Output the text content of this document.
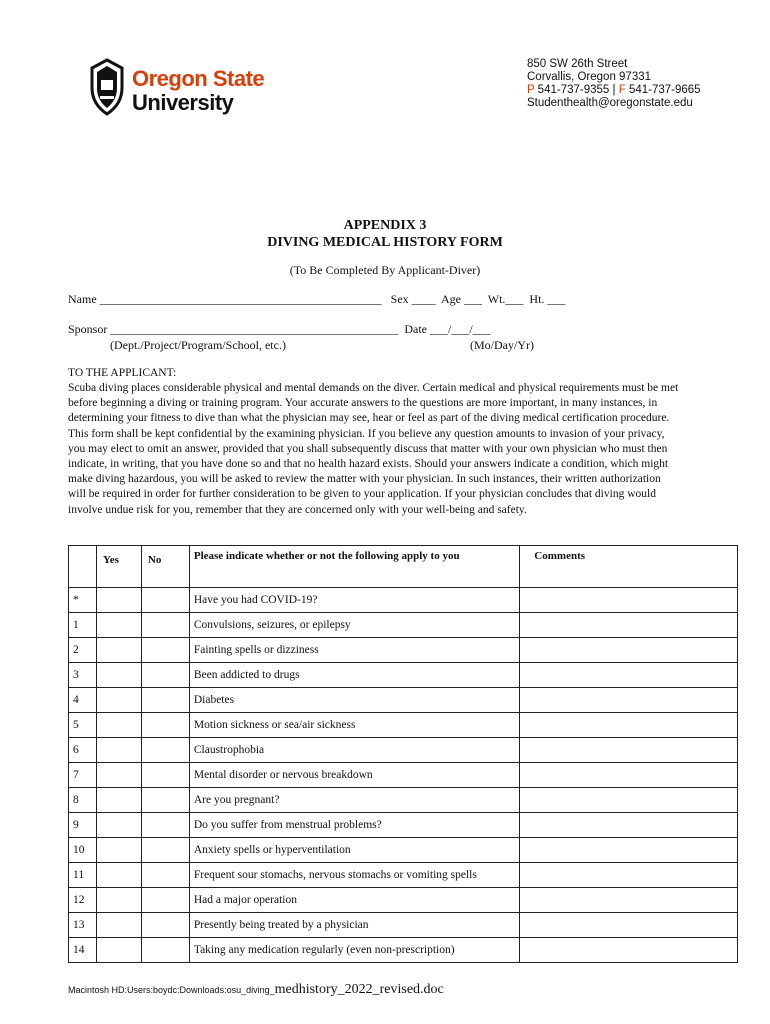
Oregon State
University
850 SW 26th Street
Corvallis, Oregon 97331
P 541-737-9355 | F 541-737-9665
Studenthealth@oregonstate.edu
APPENDIX 3
DIVING MEDICAL HISTORY FORM
(To Be Completed By Applicant-Diver)
Name _______________________________________________   Sex ____  Age ___  Wt.___  Ht. ___
Sponsor ________________________________________________  Date ___/___/___
(Dept./Project/Program/School, etc.)	(Mo/Day/Yr)
TO THE APPLICANT:
Scuba diving places considerable physical and mental demands on the diver. Certain medical and physical requirements must be met before beginning a diving or training program. Your accurate answers to the questions are more important, in many instances, in determining your fitness to dive than what the physician may see, hear or feel as part of the diving medical certification procedure. This form shall be kept confidential by the examining physician. If you believe any question amounts to invasion of your privacy, you may elect to omit an answer, provided that you shall subsequently discuss that matter with your own physician who must then indicate, in writing, that you have done so and that no health hazard exists. Should your answers indicate a condition, which might make diving hazardous, you will be asked to review the matter with your physician. In such instances, their written authorization will be required in order for further consideration to be given to your application. If your physician concludes that diving would involve undue risk for you, remember that they are concerned only with your well-being and safety.
	Yes	No	Please indicate whether or not the following apply to you	Comments
*			Have you had COVID-19?	
1			Convulsions, seizures, or epilepsy	
2			Fainting spells or dizziness	
3			Been addicted to drugs	
4			Diabetes	
5			Motion sickness or sea/air sickness	
6			Claustrophobia	
7			Mental disorder or nervous breakdown	
8			Are you pregnant?	
9			Do you suffer from menstrual problems?	
10			Anxiety spells or hyperventilation	
11			Frequent sour stomachs, nervous stomachs or vomiting spells	
12			Had a major operation	
13			Presently being treated by a physician	
14			Taking any medication regularly (even non-prescription)	
Macintosh HD:Users:boydc:Downloads:osu_diving_medhistory_2022_revised.doc
